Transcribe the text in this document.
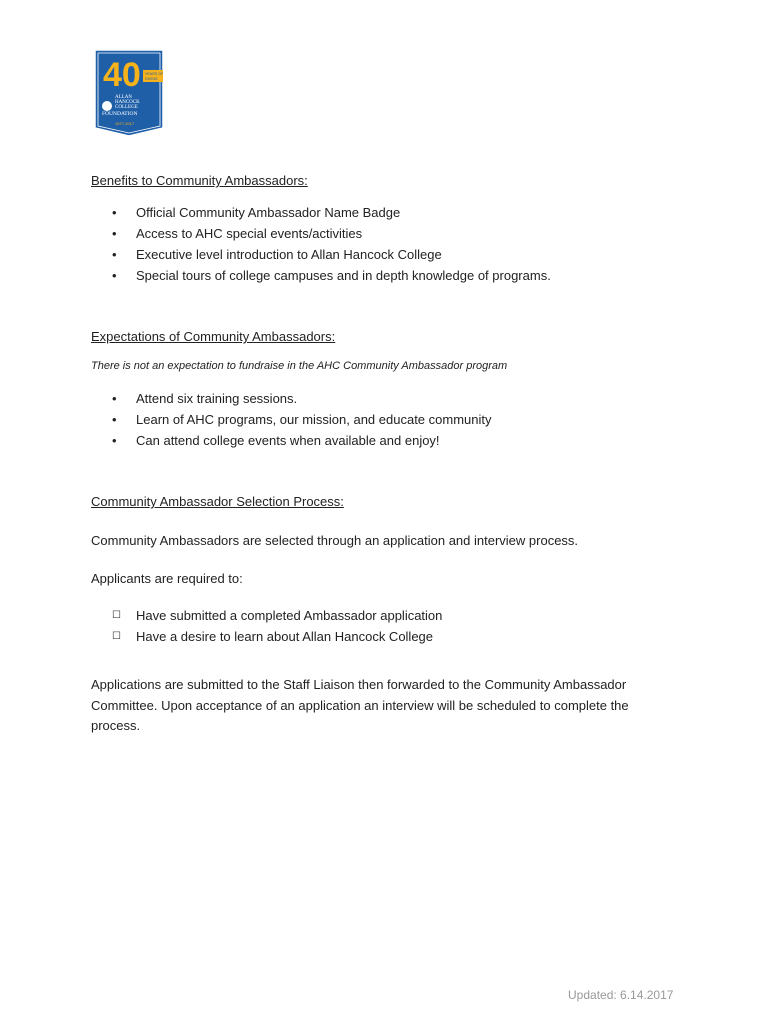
40 YEARS OF
GIVING
ALLAN
HANCOCK
COLLEGE
FOUNDATION
1977-2017
Benefits to Community Ambassadors:
• Official Community Ambassador Name Badge
• Access to AHC special events/activities
• Executive level introduction to Allan Hancock College
• Special tours of college campuses and in depth knowledge of programs.
Expectations of Community Ambassadors:
There is not an expectation to fundraise in the AHC Community Ambassador program
• Attend six training sessions.
• Learn of AHC programs, our mission, and educate community
• Can attend college events when available and enjoy!
Community Ambassador Selection Process:
Community Ambassadors are selected through an application and interview process.
Applicants are required to:
☐ Have submitted a completed Ambassador application
☐ Have a desire to learn about Allan Hancock College
Applications are submitted to the Staff Liaison then forwarded to the Community Ambassador Committee. Upon acceptance of an application an interview will be scheduled to complete the process.
Updated: 6.14.2017
